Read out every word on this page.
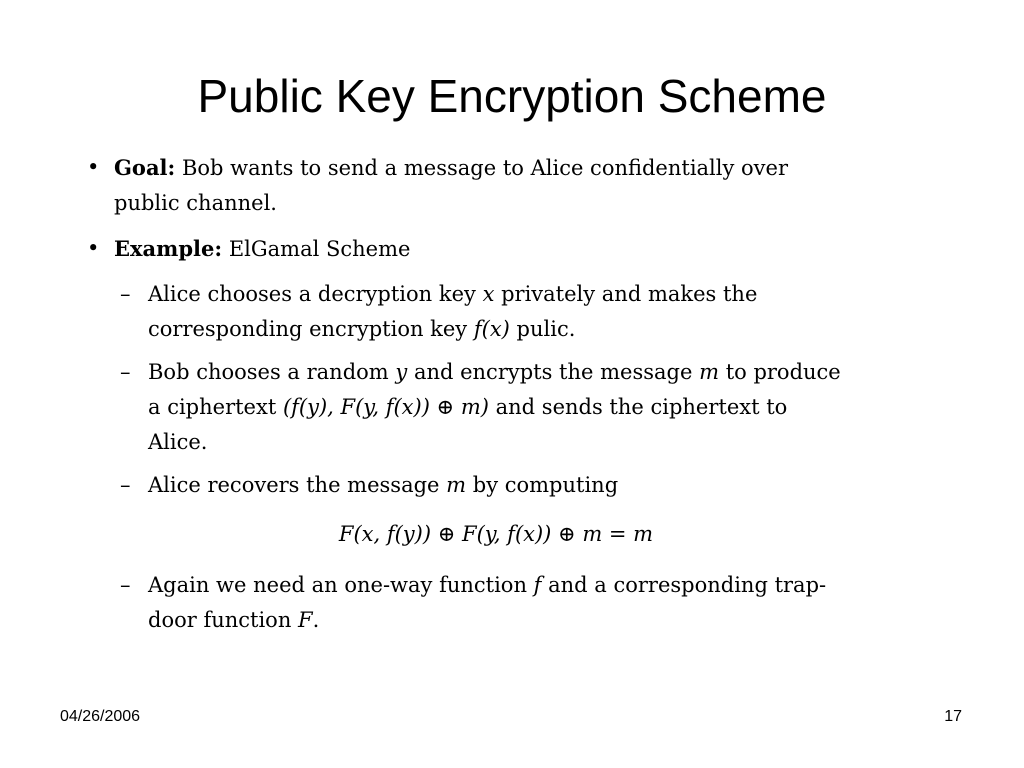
Public Key Encryption Scheme
• Goal: Bob wants to send a message to Alice confidentially over public channel.
• Example: ElGamal Scheme
– Alice chooses a decryption key x privately and makes the corresponding encryption key f(x) pulic.
– Bob chooses a random y and encrypts the message m to produce a ciphertext (f(y), F(y, f(x)) ⊕ m) and sends the ciphertext to Alice.
– Alice recovers the message m by computing
F(x, f(y)) ⊕ F(y, f(x)) ⊕ m = m
– Again we need an one-way function f and a corresponding trap-door function F.
04/26/2006	17
